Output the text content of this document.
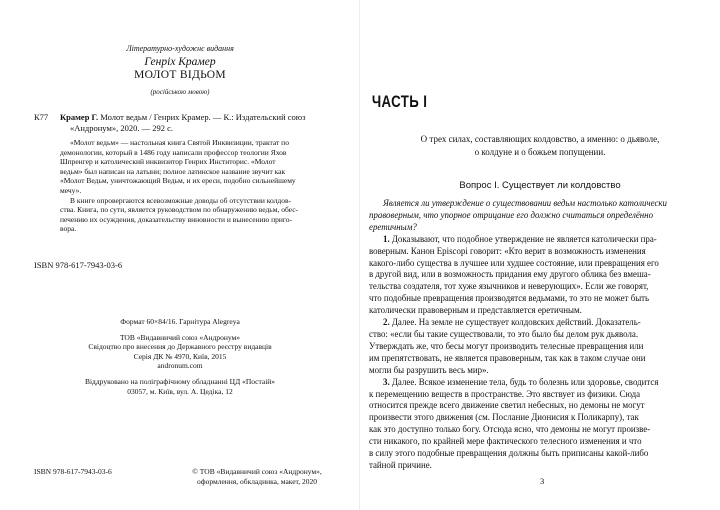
Літературно-художнє видання
Генріх Крамер
МОЛОТ ВІДЬОМ
(російською мовою)
К77 Крамер Г. Молот ведьм / Генрих Крамер. — К.: Издательский союз

«Андронум», 2020. — 292 с.

«Молот ведьм» — настольная книга Святой Инквизиции, трактат по

демонологии, который в 1486 году написали профессор теологии Яхов

Шпренгер и католический инквизитор Генрих Инститорис. «Молот

ведьм» был написан на латыни; полное латинское название звучит как

«Молот Ведьм, уничтожающий Ведьм, и их ереси, подобно сильнейшему

мечу».

В книге опровергаются всевозможные доводы об отсутствии колдов-

ства. Книга, по сути, является руководством по обнаружению ведьм, обес-

печению их осуждения, доказательству виновности и вынесению приго-

вора.

ISBN 978-617-7943-03-6

Формат 60×84/16. Гарнітура Alegreya

ТОВ «Видавничий союз «Андронум»

Свідоцтво про внесення до Державного реєстру видавців

Серія ДК № 4970, Київ, 2015

andronum.com

Віддруковано на поліграфічному обладнанні ЦД «Постаій»

03057, м. Київ, вул. А. Цедіка, 12

ISBN 978-617-7943-03-6	© ТОВ «Видавничий союз «Андронум»,

оформлення, обкладинка, макет, 2020

ЧАСТЬ I

О трех силах, составляющих колдовство, а именно: о дьяволе,

о колдуне и о божьем попущении.

Вопрос I. Существует ли колдовство

Является ли утверждение о существовании ведьм настолько католически

правоверным, что упорное отрицание его должно считаться определённо

еретичным?

1. Доказывают, что подобное утверждение не является католически пра-

воверным. Канон Episcopi говорит: «Кто верит в возможность изменения

какого-либо существа в лучшее или худшее состояние, или превращения его

в другой вид, или в возможность придания ему другого облика без вмеша-

тельства создателя, тот хуже язычников и неверующих». Если же говорят,

что подобные превращения производятся ведьмами, то это не может быть

католически правоверным и представляется еретичным.

2. Далее. На земле не существует колдовских действий. Доказатель-

ство: «если бы такие существовали, то это было бы делом рук дьявола.

Утверждать же, что бесы могут производить телесные превращения или

им препятствовать, не является правоверным, так как в таком случае они

могли бы разрушить весь мир».

3. Далее. Всякое изменение тела, будь то болезнь или здоровье, сводится

к перемещению веществ в пространстве. Это явствует из физики. Сюда

относится прежде всего движение светил небесных, но демоны не могут

произвести этого движения (см. Послание Дионисия к Поликарпу), так

как это доступно только богу. Отсюда ясно, что демоны не могут произве-

сти никакого, по крайней мере фактического телесного изменения и что

в силу этого подобные превращения должны быть приписаны какой-либо

тайной причине.

3
